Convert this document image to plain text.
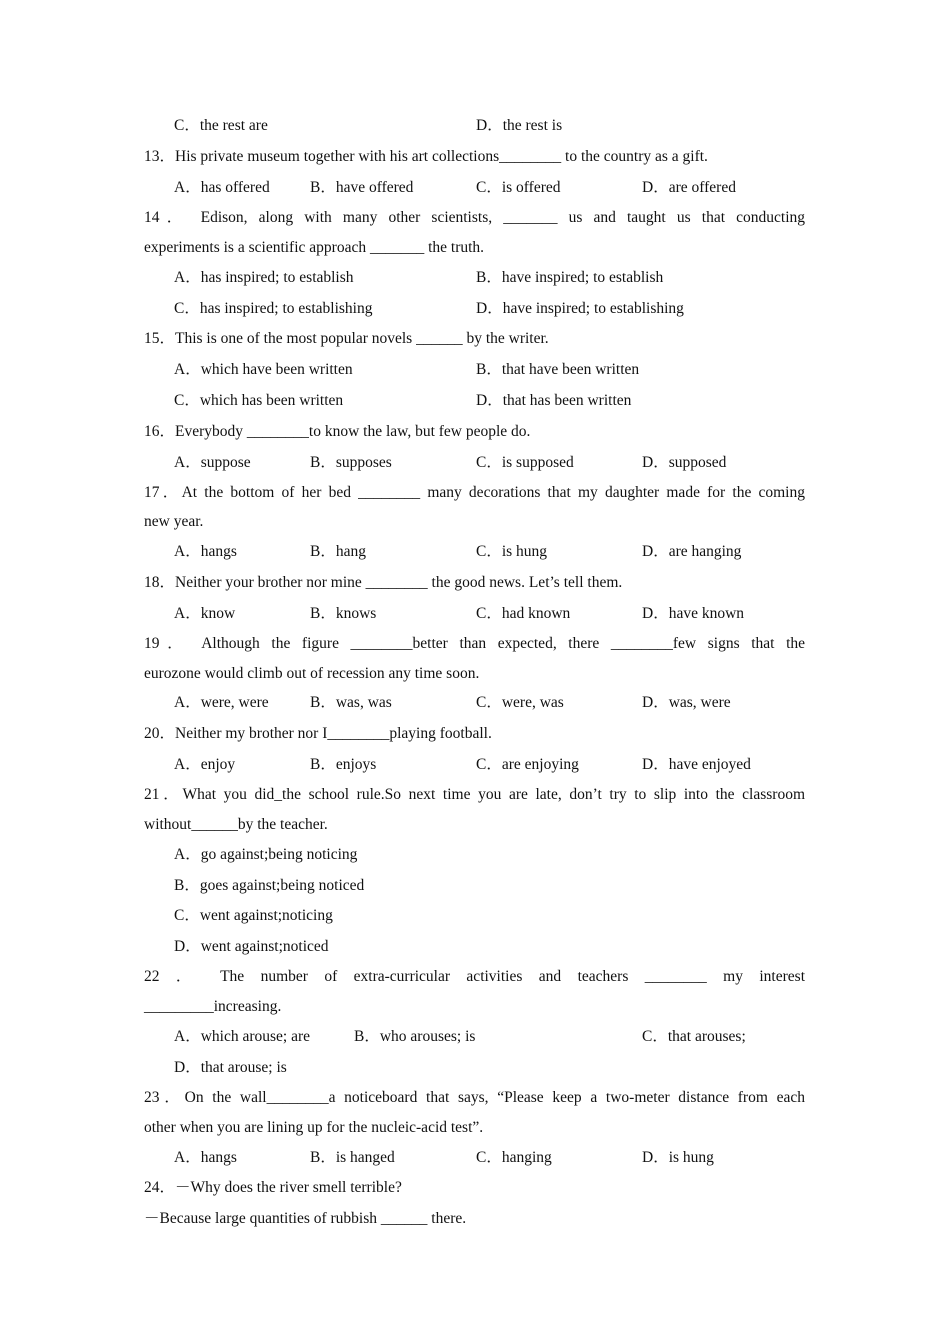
C．the rest are	D．the rest is
13．His private museum together with his art collections________ to the country as a gift.
A．has offered	B．have offered	C．is offered	D．are offered
14． Edison, along with many other scientists, _______ us and taught us that conducting
experiments is a scientific approach _______ the truth.
A．has inspired; to establish	B．have inspired; to establish
C．has inspired; to establishing	D．have inspired; to establishing
15．This is one of the most popular novels ______ by the writer.
A．which have been written	B．that have been written
C．which has been written	D．that has been written
16．Everybody ________to know the law, but few people do.
A．suppose	B．supposes	C．is supposed	D．supposed
17．At the bottom of her bed ________ many decorations that my daughter made for the coming
new year.
A．hangs	B．hang	C．is hung	D．are hanging
18．Neither your brother nor mine ________ the good news. Let’s tell them.
A．know	B．knows	C．had known	D．have known
19． Although the figure ________better than expected, there ________few signs that the
eurozone would climb out of recession any time soon.
A．were, were	B．was, was	C．were, was	D．was, were
20．Neither my brother nor I________playing football.
A．enjoy	B．enjoys	C．are enjoying	D．have enjoyed
21．What you did_the school rule.So next time you are late, don’t try to slip into the classroom
without______by the teacher.
A．go against;being noticing
B．goes against;being noticed
C．went against;noticing
D．went against;noticed
22 ． The number of extra-curricular activities and teachers ________ my interest
_________increasing.
A．which arouse; are	B．who arouses; is	C．that arouses;
D．that arouse; is
23．On the wall________a noticeboard that says, “Please keep a two-meter distance from each
other when you are lining up for the nucleic-acid test”.
A．hangs	B．is hanged	C．hanging	D．is hung
24．－Why does the river smell terrible?
－Because large quantities of rubbish ______ there.
